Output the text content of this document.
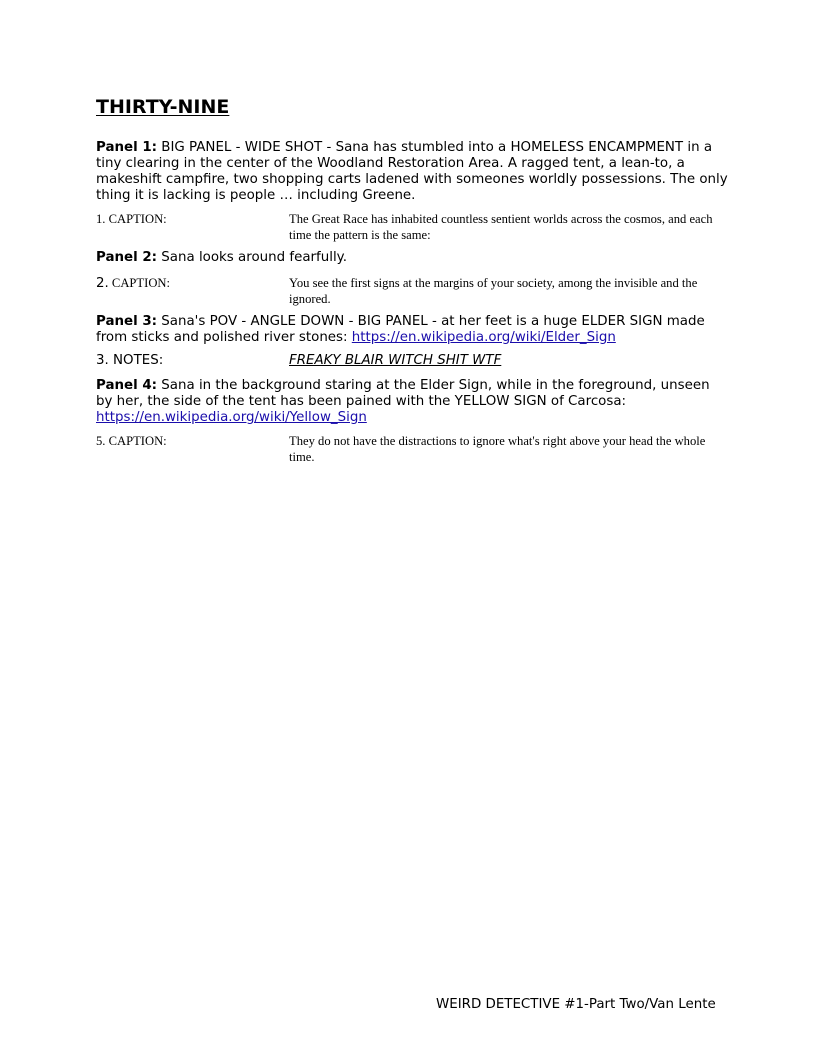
THIRTY-NINE
Panel 1: BIG PANEL - WIDE SHOT - Sana has stumbled into a HOMELESS ENCAMPMENT in a tiny clearing in the center of the Woodland Restoration Area. A ragged tent, a lean-to, a makeshift campfire, two shopping carts ladened with someones worldly possessions. The only thing it is lacking is people … including Greene.
1. CAPTION:	The Great Race has inhabited countless sentient worlds across the cosmos, and each time the pattern is the same:
Panel 2: Sana looks around fearfully.
2. CAPTION:	You see the first signs at the margins of your society, among the invisible and the ignored.
Panel 3: Sana's POV - ANGLE DOWN - BIG PANEL - at her feet is a huge ELDER SIGN made from sticks and polished river stones: https://en.wikipedia.org/wiki/Elder_Sign
3. NOTES:	FREAKY BLAIR WITCH SHIT WTF
Panel 4: Sana in the background staring at the Elder Sign, while in the foreground, unseen by her, the side of the tent has been pained with the YELLOW SIGN of Carcosa: https://en.wikipedia.org/wiki/Yellow_Sign
5. CAPTION:	They do not have the distractions to ignore what's right above your head the whole time.
WEIRD DETECTIVE #1-Part Two/Van Lente
